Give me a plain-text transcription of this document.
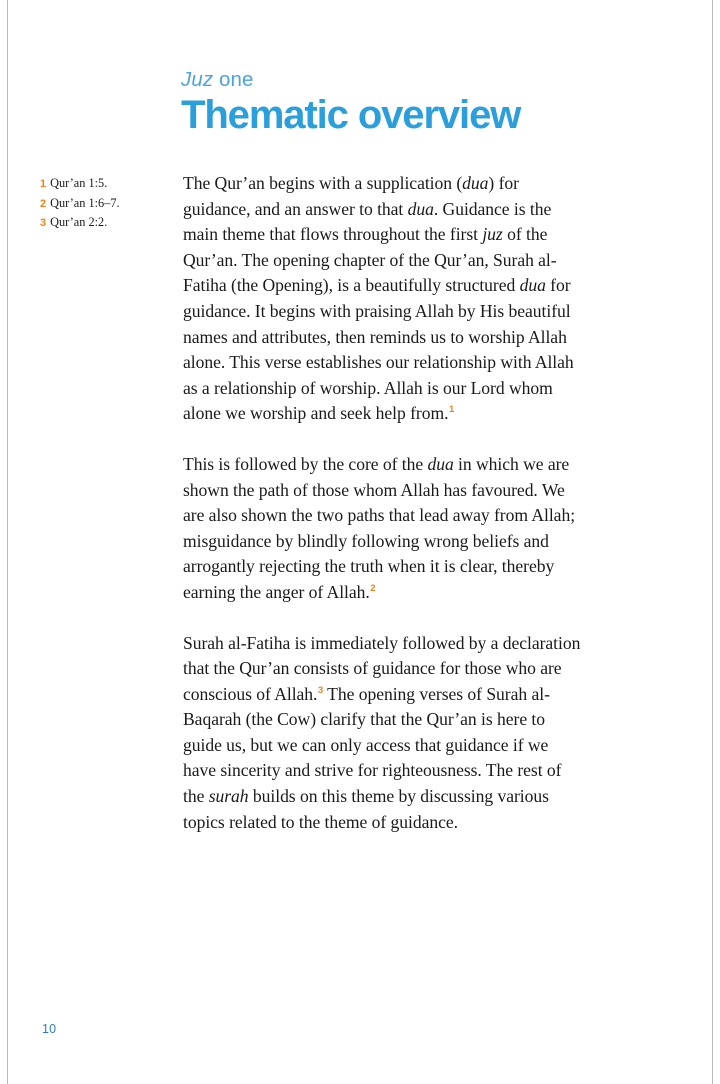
Juz one
Thematic overview
1 Qur’an 1:5.
2 Qur’an 1:6–7.
3 Qur’an 2:2.

The Qur’an begins with a supplication (dua) for guidance, and an answer to that dua. Guidance is the main theme that flows throughout the first juz of the Qur’an. The opening chapter of the Qur’an, Surah al-Fatiha (the Opening), is a beautifully structured dua for guidance. It begins with praising Allah by His beautiful names and attributes, then reminds us to worship Allah alone. This verse establishes our relationship with Allah as a relationship of worship. Allah is our Lord whom alone we worship and seek help from.$^1$

This is followed by the core of the dua in which we are shown the path of those whom Allah has favoured. We are also shown the two paths that lead away from Allah; misguidance by blindly following wrong beliefs and arrogantly rejecting the truth when it is clear, thereby earning the anger of Allah.$^2$

Surah al-Fatiha is immediately followed by a declaration that the Qur’an consists of guidance for those who are conscious of Allah.$^3$ The opening verses of Surah al-Baqarah (the Cow) clarify that the Qur’an is here to guide us, but we can only access that guidance if we have sincerity and strive for righteousness. The rest of the surah builds on this theme by discussing various topics related to the theme of guidance.

10
